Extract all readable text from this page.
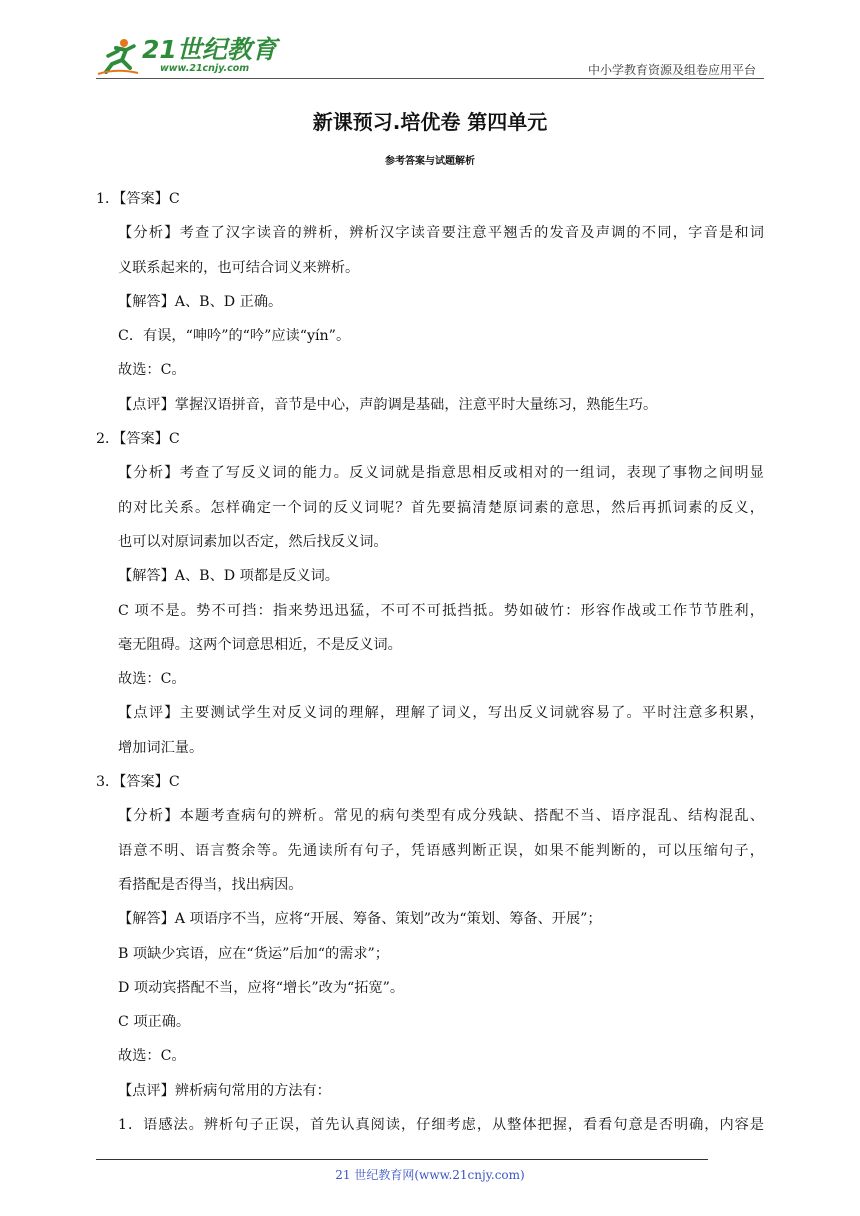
21世纪教育
www.21cnjy.com	中小学教育资源及组卷应用平台
新课预习.培优卷 第四单元
参考答案与试题解析
1．【答案】C
【分析】考查了汉字读音的辨析，辨析汉字读音要注意平翘舌的发音及声调的不同，字音是和词
义联系起来的，也可结合词义来辨析。
【解答】A、B、D 正确。
C．有误，“呻吟”的“吟”应读“yín”。
故选：C。
【点评】掌握汉语拼音，音节是中心，声韵调是基础，注意平时大量练习，熟能生巧。
2．【答案】C
【分析】考查了写反义词的能力。反义词就是指意思相反或相对的一组词，表现了事物之间明显
的对比关系。怎样确定一个词的反义词呢？首先要搞清楚原词素的意思，然后再抓词素的反义，
也可以对原词素加以否定，然后找反义词。
【解答】A、B、D 项都是反义词。
C 项不是。势不可挡：指来势迅迅猛，不可不可抵挡抵。势如破竹：形容作战或工作节节胜利，
毫无阻碍。这两个词意思相近，不是反义词。
故选：C。
【点评】主要测试学生对反义词的理解，理解了词义，写出反义词就容易了。平时注意多积累，
增加词汇量。
3．【答案】C
【分析】本题考查病句的辨析。常见的病句类型有成分残缺、搭配不当、语序混乱、结构混乱、
语意不明、语言赘余等。先通读所有句子，凭语感判断正误，如果不能判断的，可以压缩句子，
看搭配是否得当，找出病因。
【解答】A 项语序不当，应将“开展、筹备、策划”改为“策划、筹备、开展”；
B 项缺少宾语，应在“货运”后加“的需求”；
D 项动宾搭配不当，应将“增长”改为“拓宽”。
C 项正确。
故选：C。
【点评】辨析病句常用的方法有：
1．语感法。辨析句子正误，首先认真阅读，仔细考虑，从整体把握，看看句意是否明确，内容是
21 世纪教育网(www.21cnjy.com)
